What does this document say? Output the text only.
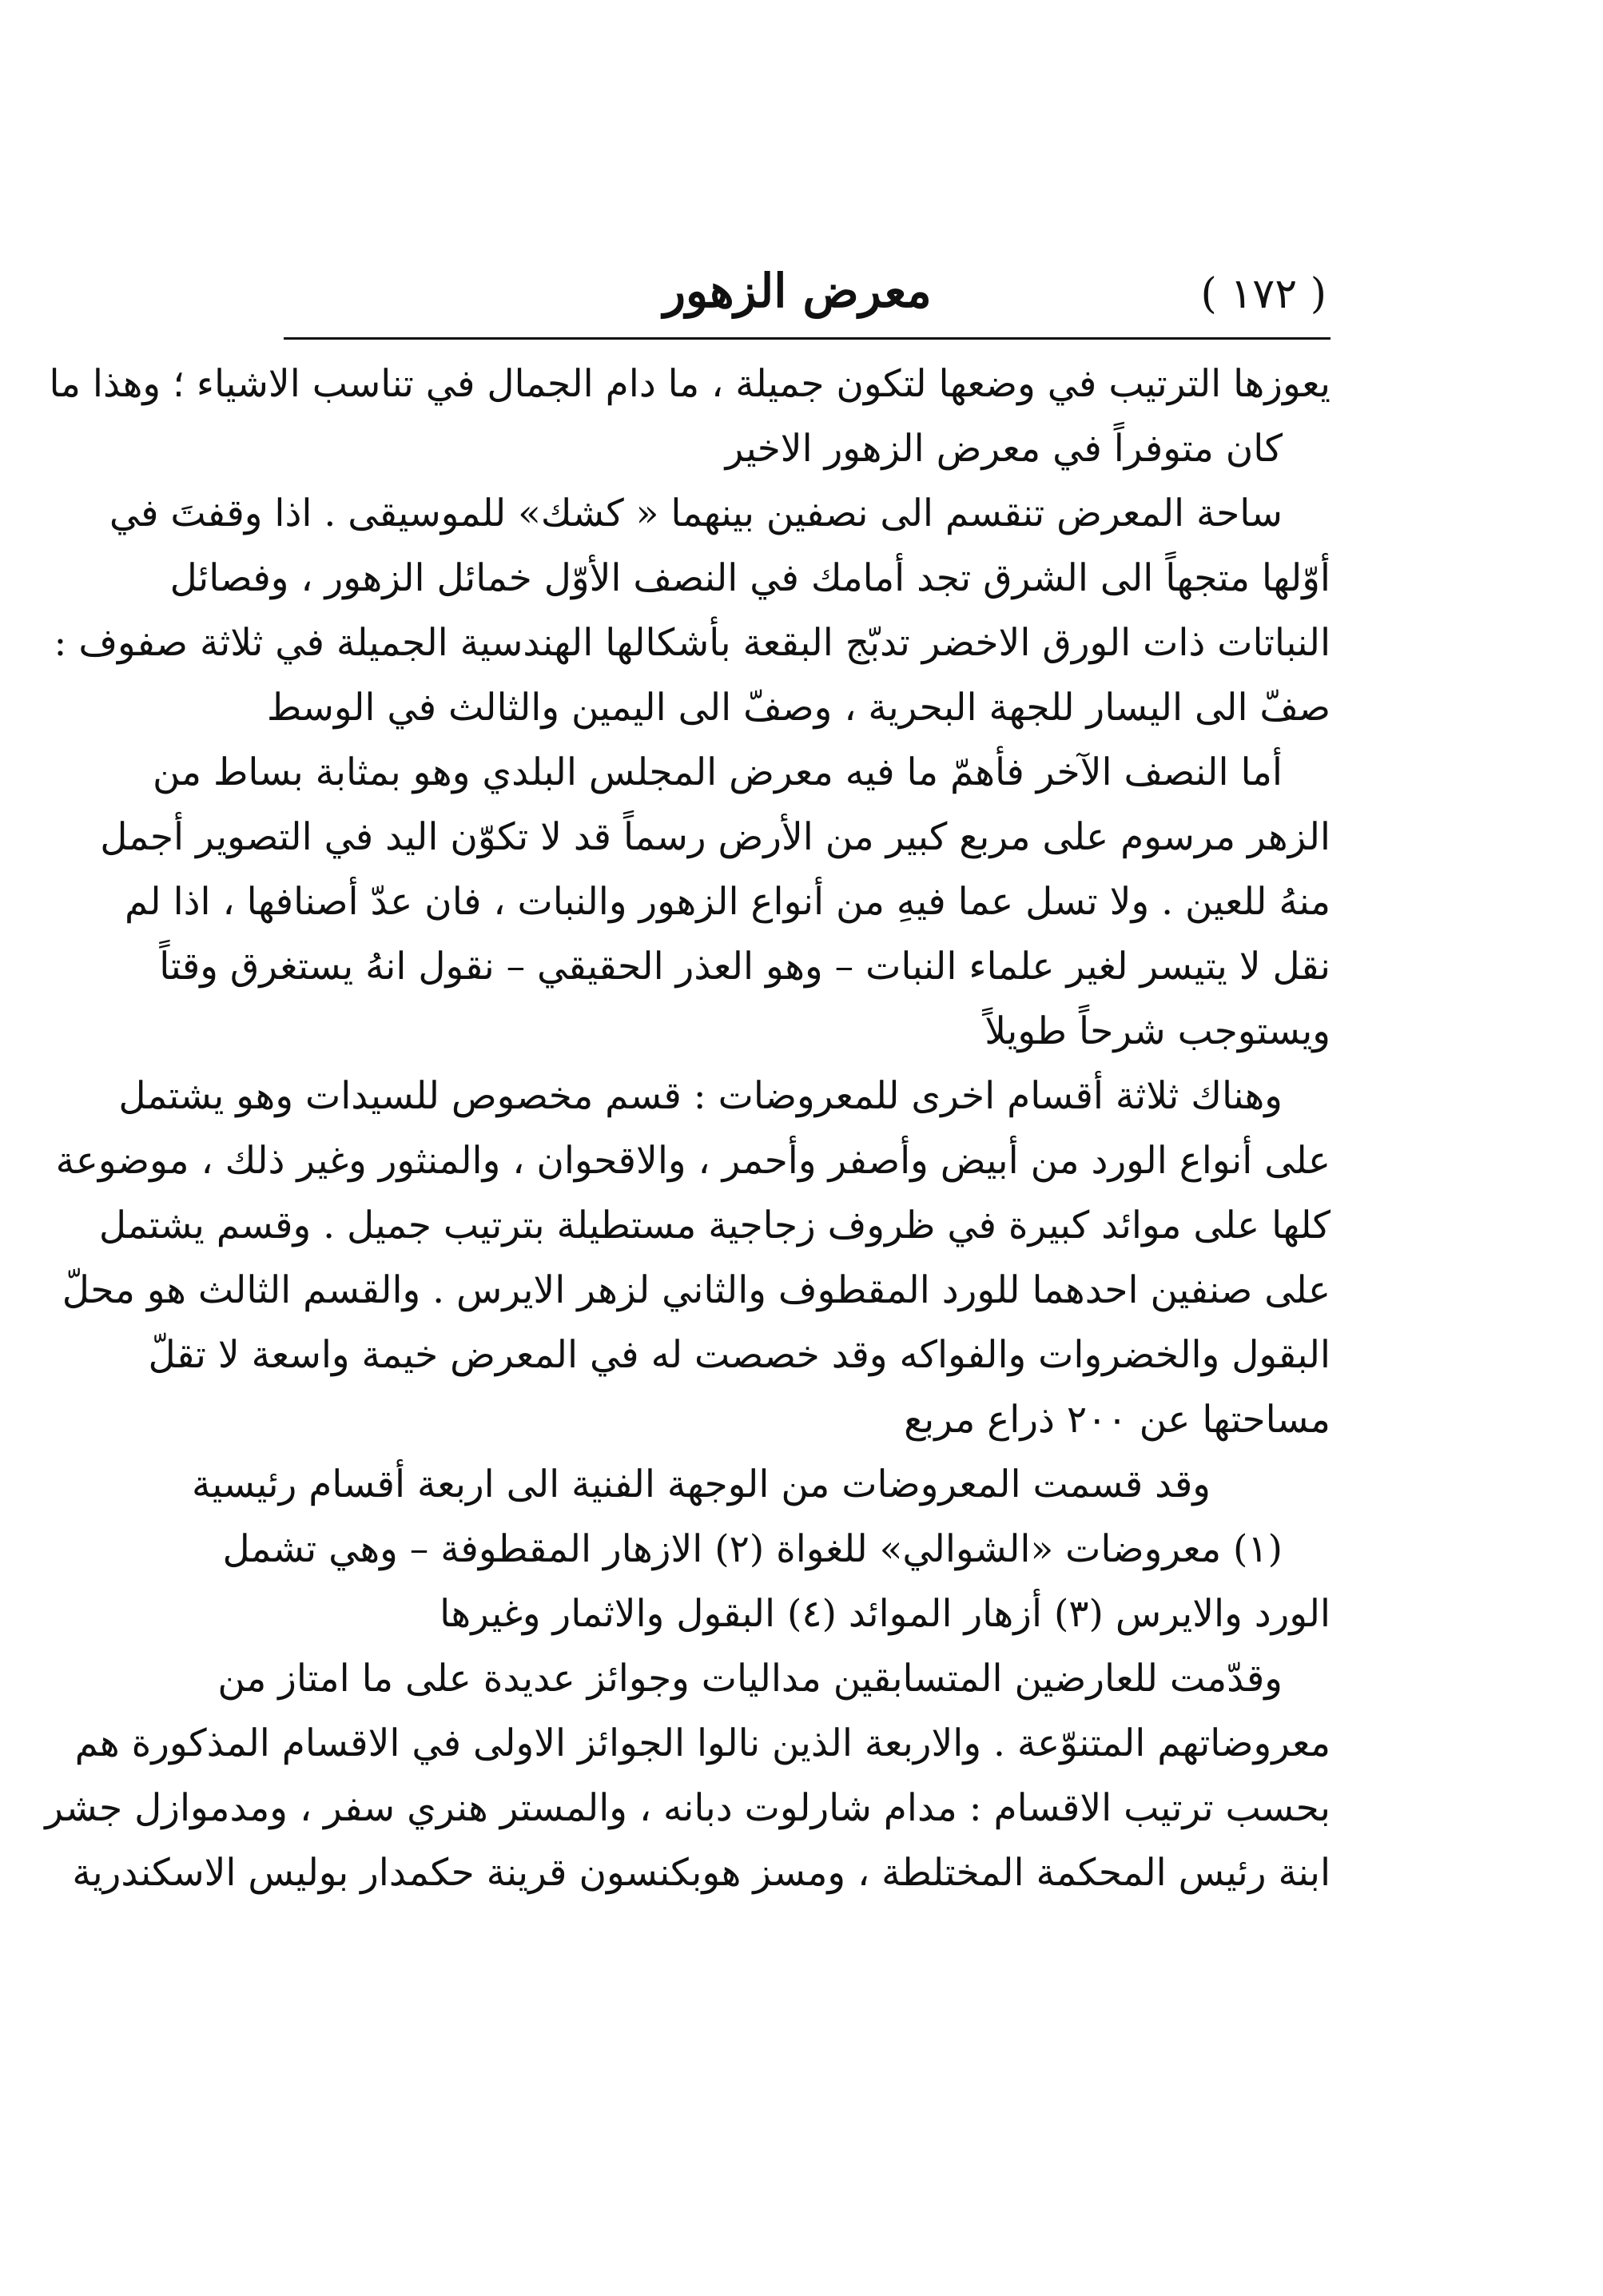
( ١٧٢ )
معرض الزهور
يعوزها الترتيب في وضعها لتكون جميلة ، ما دام الجمال في تناسب الاشياء ؛ وهذا ما
كان متوفراً في معرض الزهور الاخير
ساحة المعرض تنقسم الى نصفين بينهما « كشك» للموسيقى . اذا وقفتَ في
أوّلها متجهاً الى الشرق تجد أمامك في النصف الأوّل خمائل الزهور ، وفصائل
النباتات ذات الورق الاخضر تدبّج البقعة بأشكالها الهندسية الجميلة في ثلاثة صفوف :
صفّ الى اليسار للجهة البحرية ، وصفّ الى اليمين والثالث في الوسط
أما النصف الآخر فأهمّ ما فيه معرض المجلس البلدي وهو بمثابة بساط من
الزهر مرسوم على مربع كبير من الأرض رسماً قد لا تكوّن اليد في التصوير أجمل
منهُ للعين . ولا تسل عما فيهِ من أنواع الزهور والنبات ، فان عدّ أصنافها ، اذا لم
نقل لا يتيسر لغير علماء النبات – وهو العذر الحقيقي – نقول انهُ يستغرق وقتاً
ويستوجب شرحاً طويلاً
وهناك ثلاثة أقسام اخرى للمعروضات : قسم مخصوص للسيدات وهو يشتمل
على أنواع الورد من أبيض وأصفر وأحمر ، والاقحوان ، والمنثور وغير ذلك ، موضوعة
كلها على موائد كبيرة في ظروف زجاجية مستطيلة بترتيب جميل . وقسم يشتمل
على صنفين احدهما للورد المقطوف والثاني لزهر الايرس . والقسم الثالث هو محلّ
البقول والخضروات والفواكه وقد خصصت له في المعرض خيمة واسعة لا تقلّ
مساحتها عن ٢٠٠ ذراع مربع
وقد قسمت المعروضات من الوجهة الفنية الى اربعة أقسام رئيسية
(١) معروضات «الشوالي» للغواة (٢) الازهار المقطوفة – وهي تشمل
الورد والايرس (٣) أزهار الموائد (٤) البقول والاثمار وغيرها
وقدّمت للعارضين المتسابقين مداليات وجوائز عديدة على ما امتاز من
معروضاتهم المتنوّعة . والاربعة الذين نالوا الجوائز الاولى في الاقسام المذكورة هم
بحسب ترتيب الاقسام : مدام شارلوت دبانه ، والمستر هنري سفر ، ومدموازل جشر
ابنة رئيس المحكمة المختلطة ، ومسز هوبكنسون قرينة حكمدار بوليس الاسكندرية
